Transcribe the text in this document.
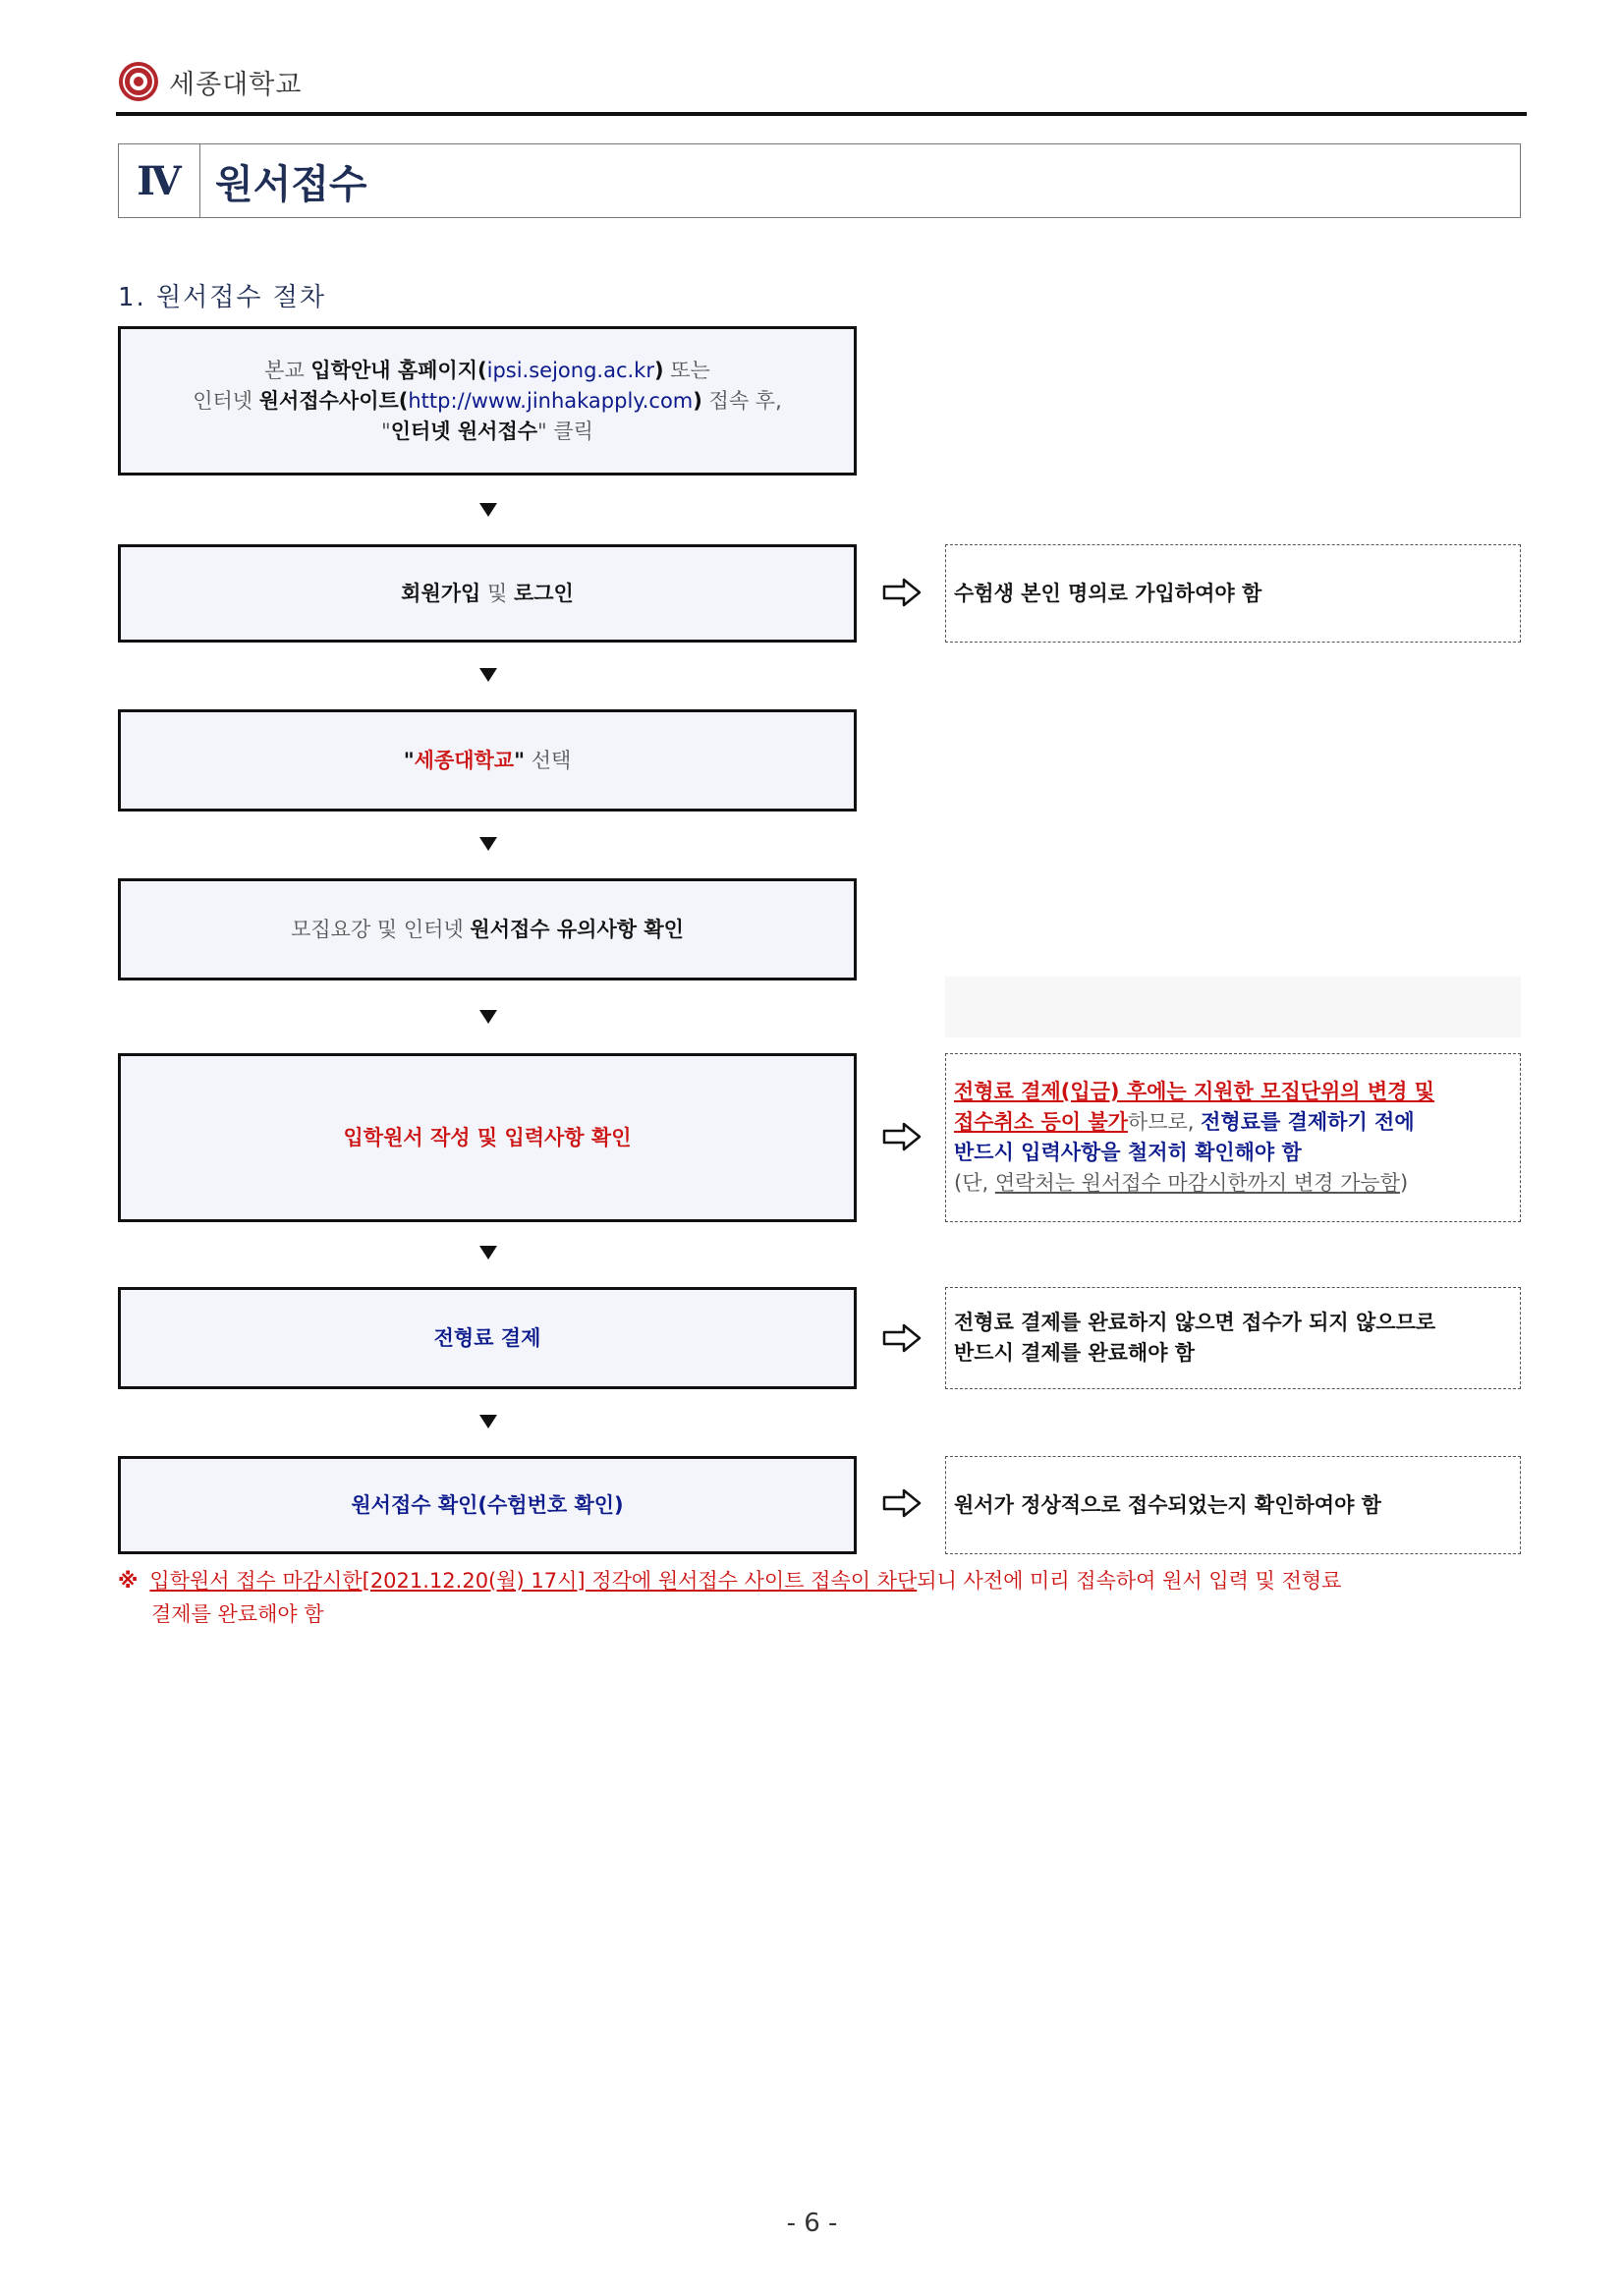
세종대학교
Ⅳ 원서접수
1. 원서접수 절차
본교 입학안내 홈페이지(ipsi.sejong.ac.kr) 또는
인터넷 원서접수사이트(http://www.jinhakapply.com) 접속 후,
"인터넷 원서접수" 클릭
회원가입 및 로그인	수험생 본인 명의로 가입하여야 함
"세종대학교" 선택
모집요강 및 인터넷 원서접수 유의사항 확인
입학원서 작성 및 입력사항 확인
전형료 결제(입금) 후에는 지원한 모집단위의 변경 및
접수취소 등이 불가하므로, 전형료를 결제하기 전에
반드시 입력사항을 철저히 확인해야 함
(단, 연락처는 원서접수 마감시한까지 변경 가능함)
전형료 결제
전형료 결제를 완료하지 않으면 접수가 되지 않으므로
반드시 결제를 완료해야 함
원서접수 확인(수험번호 확인)	원서가 정상적으로 접수되었는지 확인하여야 함
※ 입학원서 접수 마감시한[2021.12.20(월) 17시] 정각에 원서접수 사이트 접속이 차단되니 사전에 미리 접속하여 원서 입력 및 전형료
결제를 완료해야 함
- 6 -
